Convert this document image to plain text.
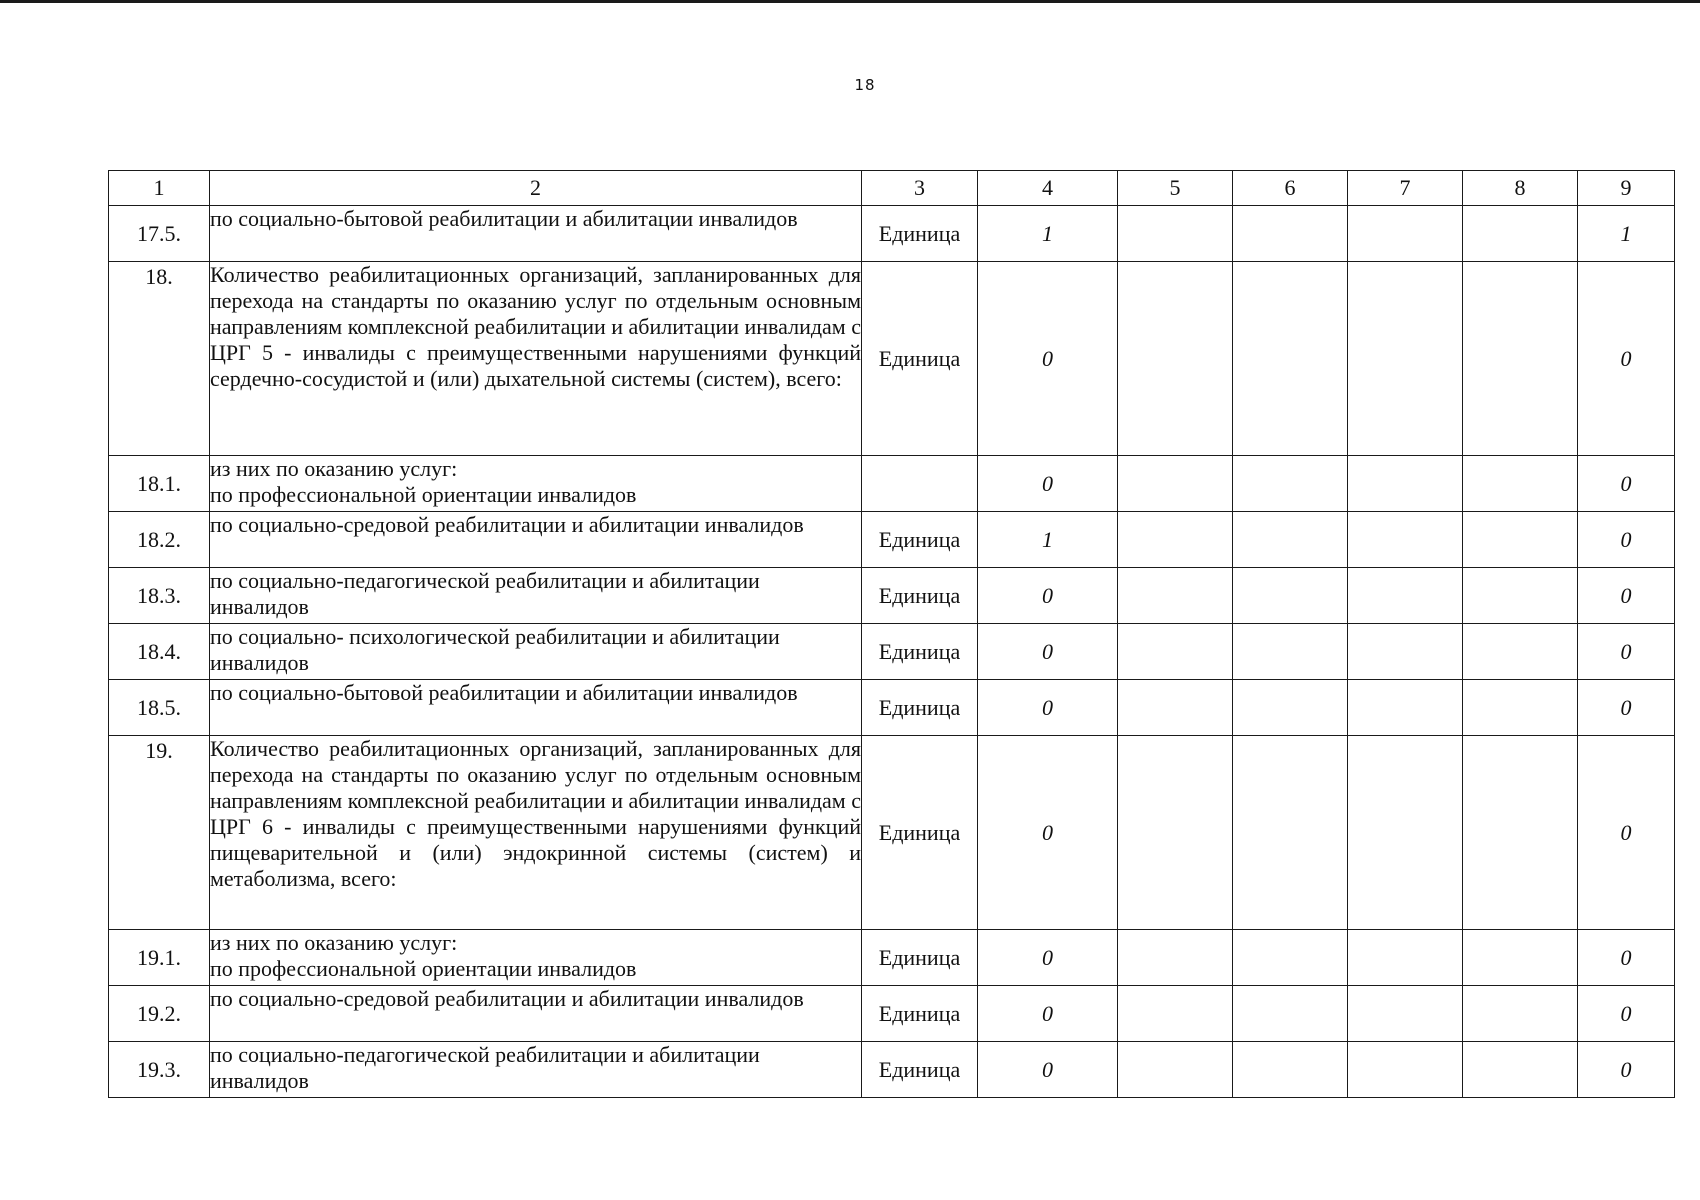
18
1	2	3	4	5	6	7	8	9
17.5.	по социально-бытовой реабилитации и абилитации инвалидов	Единица	1					1
18.	Количество реабилитационных организаций, запланированных для перехода на стандарты по оказанию услуг по отдельным основным направлениям комплексной реабилитации и абилитации инвалидам с ЦРГ 5 - инвалиды с преимущественными нарушениями функций сердечно-сосудистой и (или) дыхательной системы (систем), всего:	Единица	0					0
18.1.	из них по оказанию услуг:
по профессиональной ориентации инвалидов		0					0
18.2.	по социально-средовой реабилитации и абилитации инвалидов	Единица	1					0
18.3.	по социально-педагогической реабилитации и абилитации инвалидов	Единица	0					0
18.4.	по социально- психологической реабилитации и абилитации инвалидов	Единица	0					0
18.5.	по социально-бытовой реабилитации и абилитации инвалидов	Единица	0					0
19.	Количество реабилитационных организаций, запланированных для перехода на стандарты по оказанию услуг по отдельным основным направлениям комплексной реабилитации и абилитации инвалидам с ЦРГ 6 - инвалиды с преимущественными нарушениями функций пищеварительной и (или) эндокринной системы (систем) и метаболизма, всего:	Единица	0					0
19.1.	из них по оказанию услуг:
по профессиональной ориентации инвалидов	Единица	0					0
19.2.	по социально-средовой реабилитации и абилитации инвалидов	Единица	0					0
19.3.	по социально-педагогической реабилитации и абилитации инвалидов	Единица	0					0
